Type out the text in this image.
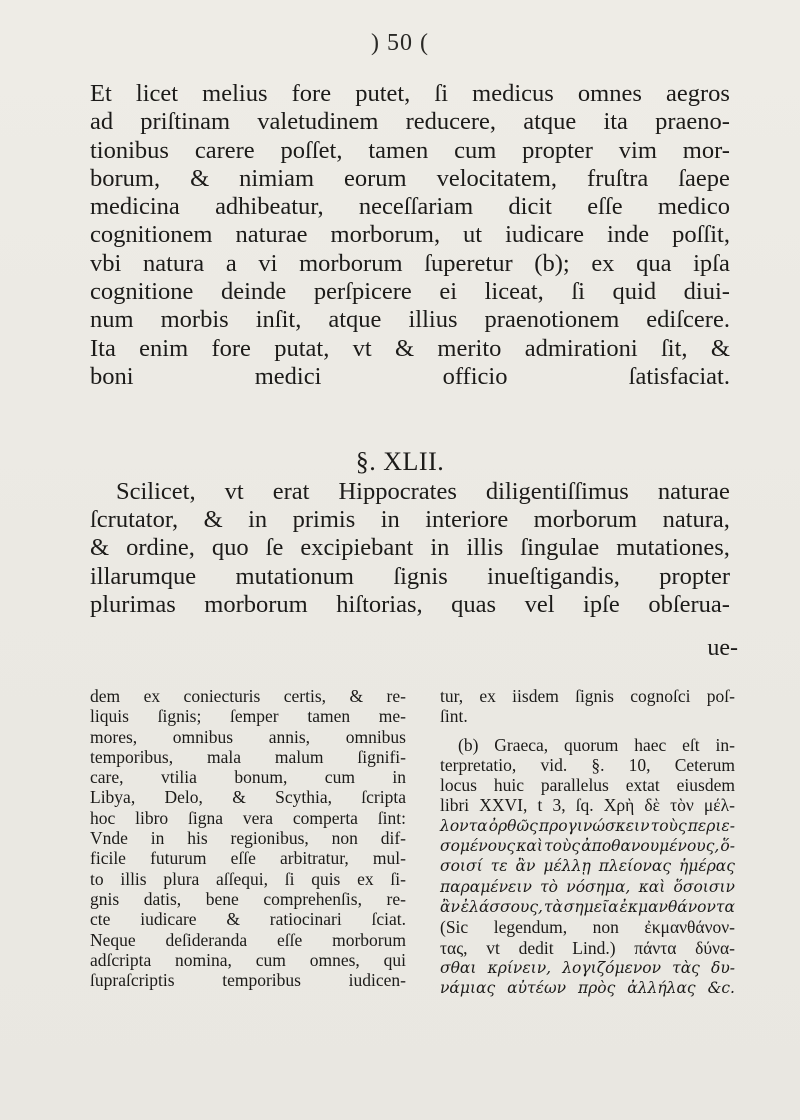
) 50 (
Et licet melius fore putet, ſi medicus omnes aegros
ad priſtinam valetudinem reducere, atque ita praeno-
tionibus carere poſſet, tamen cum propter vim mor-
borum, & nimiam eorum velocitatem, fruſtra ſaepe
medicina adhibeatur, neceſſariam dicit eſſe medico
cognitionem naturae morborum, ut iudicare inde poſſit,
vbi natura a vi morborum ſuperetur (b); ex qua ipſa
cognitione deinde perſpicere ei liceat, ſi quid diui-
num morbis inſit, atque illius praenotionem ediſcere.
Ita enim fore putat, vt & merito admirationi ſit, &
boni medici officio ſatisfaciat.
§. XLII.
Scilicet, vt erat Hippocrates diligentiſſimus naturae
ſcrutator, & in primis in interiore morborum natura,
& ordine, quo ſe excipiebant in illis ſingulae mutationes,
illarumque mutationum ſignis inueſtigandis, propter
plurimas morborum hiſtorias, quas vel ipſe obſerua-
ue-
dem ex coniecturis certis, & re-
liquis ſignis; ſemper tamen me-
mores, omnibus annis, omnibus
temporibus, mala malum ſignifi-
care, vtilia bonum, cum in
Libya, Delo, & Scythia, ſcripta
hoc libro ſigna vera comperta ſint:
Vnde in his regionibus, non dif-
ficile futurum eſſe arbitratur, mul-
to illis plura aſſequi, ſi quis ex ſi-
gnis datis, bene comprehenſis, re-
cte iudicare & ratiocinari ſciat.
Neque deſideranda eſſe morborum
adſcripta nomina, cum omnes, qui
ſupraſcriptis	temporibus	iudicen-
tur, ex iisdem ſignis cognoſci poſ-
ſint.
(b) Graeca, quorum haec eſt in-
terpretatio, vid. §. 10, Ceterum
locus huic parallelus extat eiusdem
libri XXVI, t 3, ſq. Χρὴ δὲ τὸν μέλ-
λοντα ὀρθῶς προγινώσκειν τοὺς περιε-
σομένους καὶ τοὺς ἀποθανουμένους, ὅ-
σοισί τε ἂν μέλλῃ πλείονας ἡμέρας
παραμένειν τὸ νόσημα, καὶ ὅσοισιν
ἂν ἐλάσσους, τὰ σημεῖα ἐκμανθάνοντα
(Sic legendum, non ἐκμανθάνον-
τας, vt dedit Lind.) πάντα δύνα-
σθαι κρίνειν, λογιζόμενον τὰς δυ-
νάμιας αὐτέων πρὸς ἀλλήλας &c.
